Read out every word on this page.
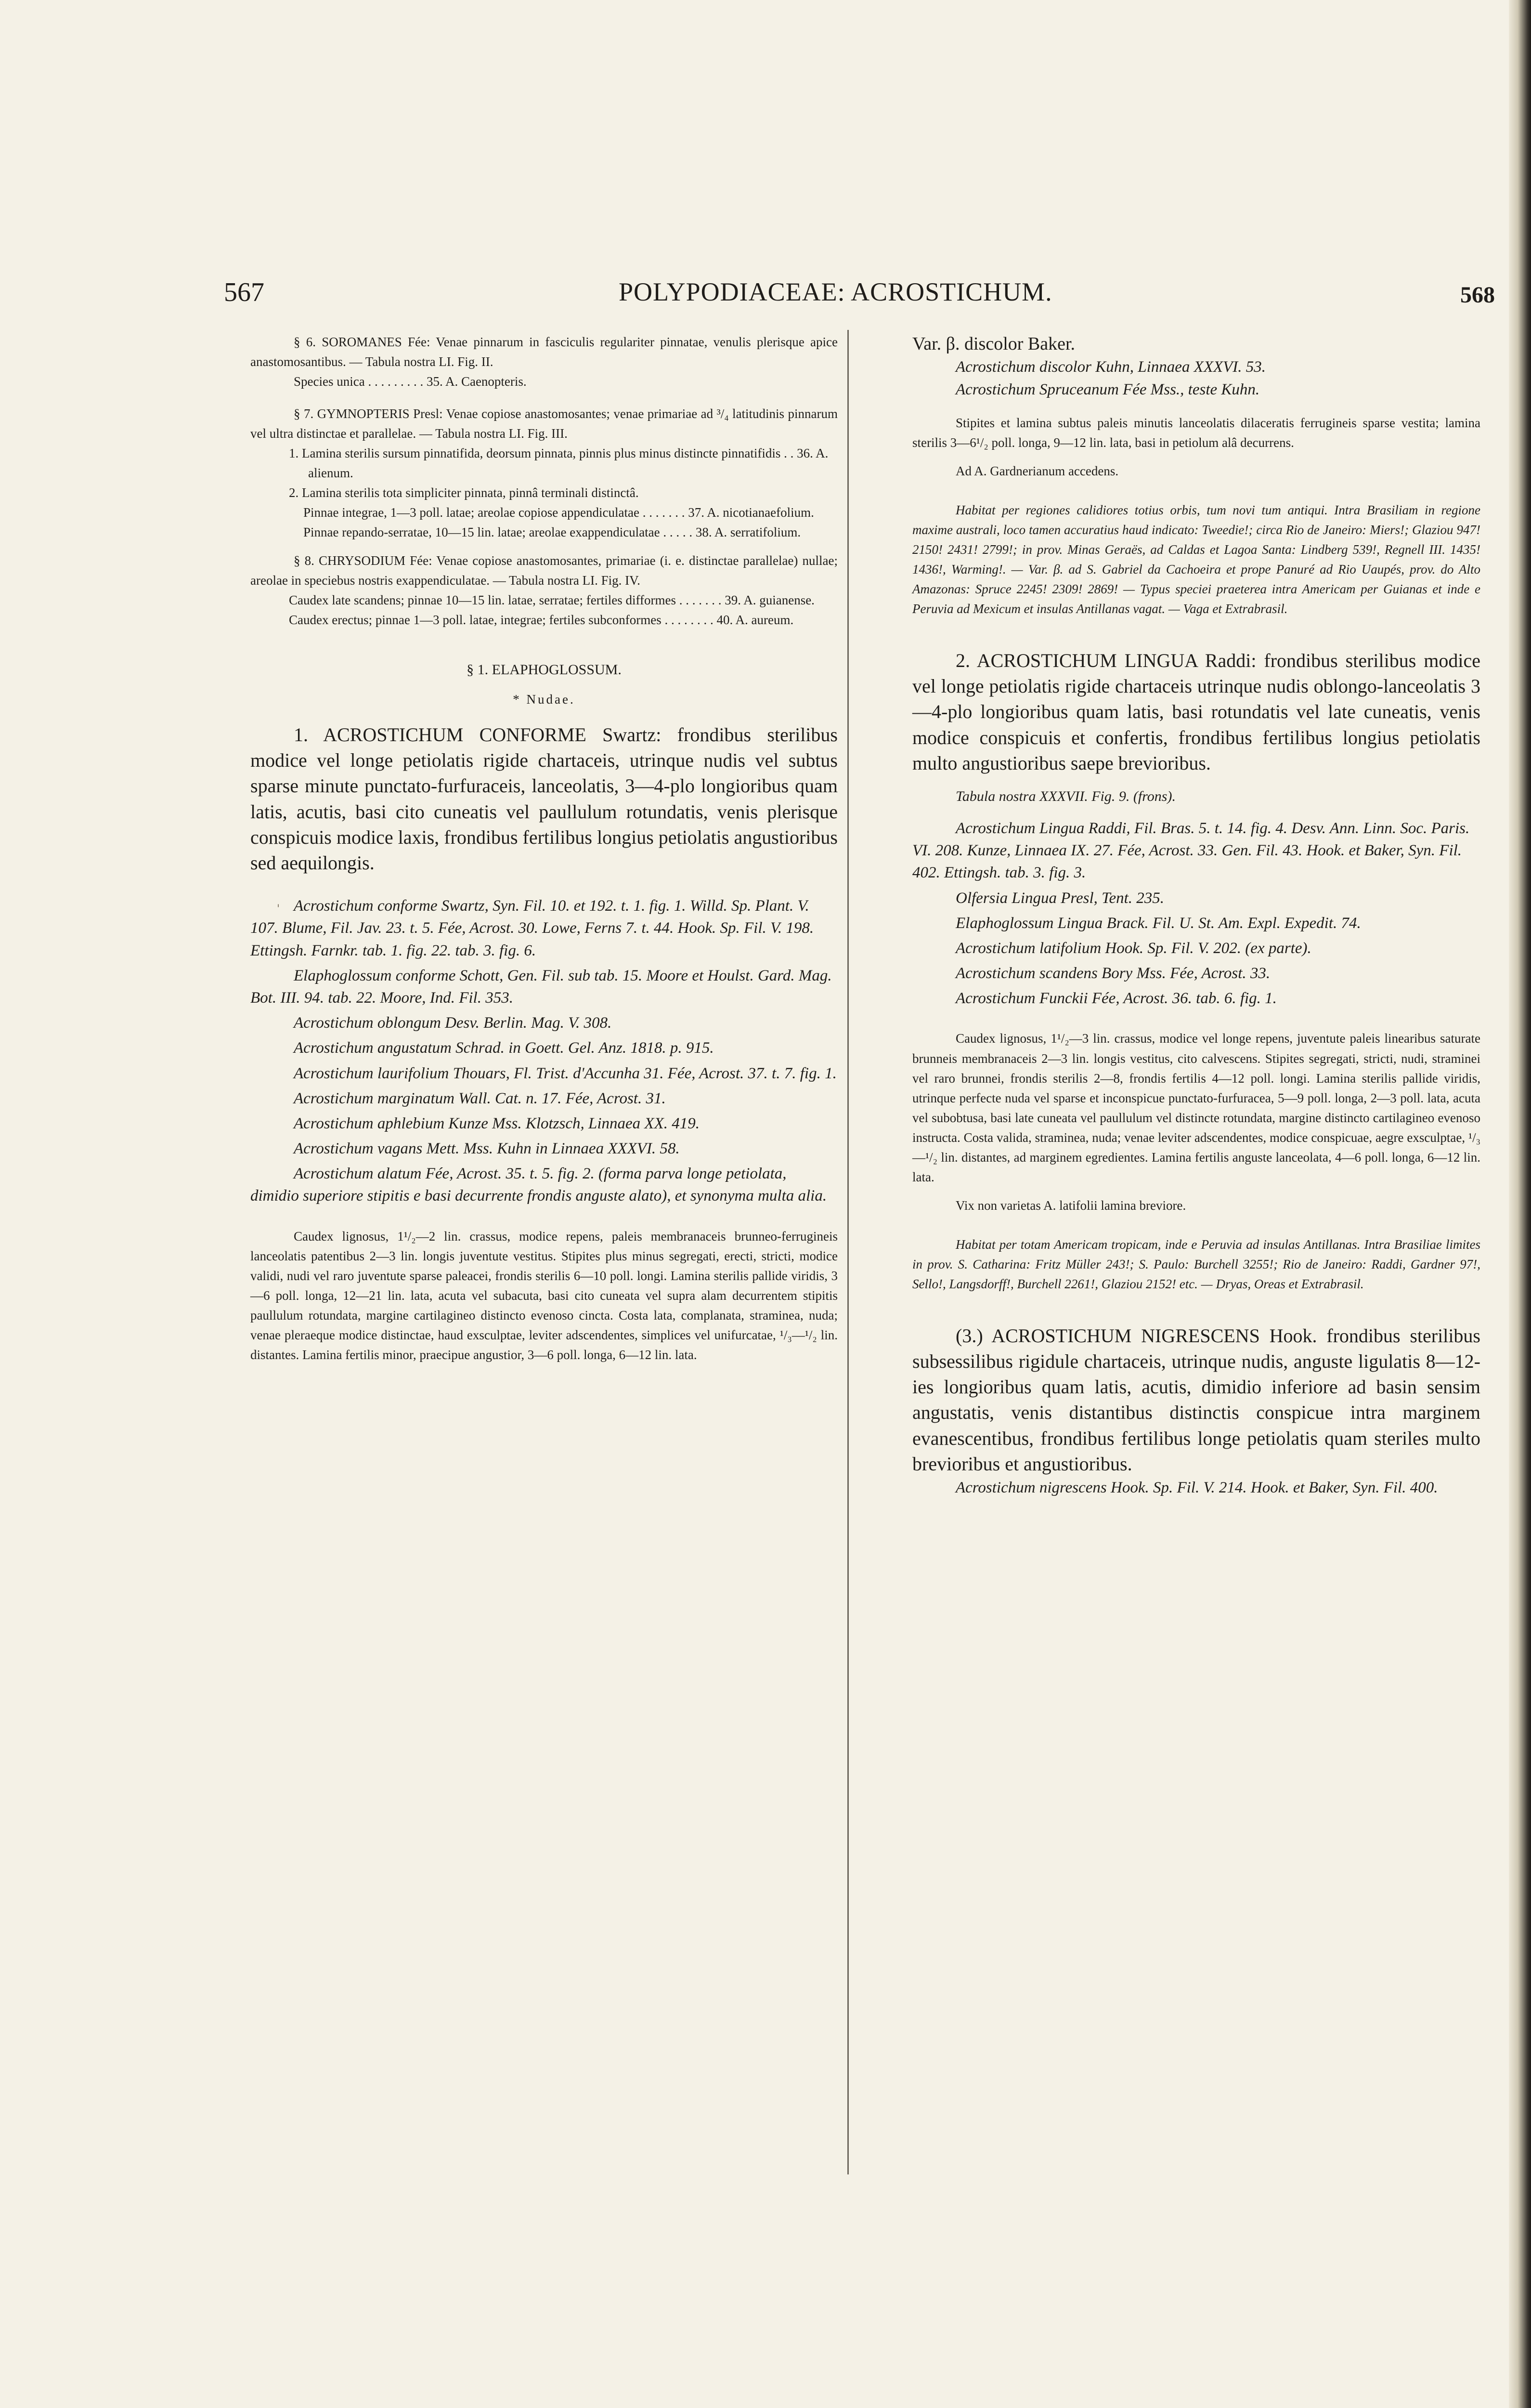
567	POLYPODIACEAE: ACROSTICHUM.	568
'

§ 6. SOROMANES Fée: Venae pinnarum in fasciculis regulariter pinnatae, venulis plerisque apice anastomosantibus. — Tabula nostra LI. Fig. II.

Species unica . . . . . . . . . 35. A. Caenopteris.

§ 7. GYMNOPTERIS Presl: Venae copiose anastomosantes; venae primariae ad ³/₄ latitudinis pinnarum vel ultra distinctae et parallelae. — Tabula nostra LI. Fig. III.

1. Lamina sterilis sursum pinnatifida, deorsum pinnata, pinnis plus minus distincte pinnatifidis . . 36. A. alienum.

2. Lamina sterilis tota simpliciter pinnata, pinnâ terminali distinctâ.

Pinnae integrae, 1—3 poll. latae; areolae copiose appendiculatae . . . . . . . 37. A. nicotianaefolium.

Pinnae repando-serratae, 10—15 lin. latae; areolae exappendiculatae . . . . . 38. A. serratifolium.

§ 8. CHRYSODIUM Fée: Venae copiose anastomosantes, primariae (i. e. distinctae parallelae) nullae; areolae in speciebus nostris exappendiculatae. — Tabula nostra LI. Fig. IV.

Caudex late scandens; pinnae 10—15 lin. latae, serratae; fertiles difformes . . . . . . . 39. A. guianense.

Caudex erectus; pinnae 1—3 poll. latae, integrae; fertiles subconformes . . . . . . . . 40. A. aureum.

§ 1. ELAPHOGLOSSUM.

* Nudae.

1. ACROSTICHUM CONFORME Swartz: frondibus sterilibus modice vel longe petiolatis rigide chartaceis, utrinque nudis vel subtus sparse minute punctato-furfuraceis, lanceolatis, 3—4-plo longioribus quam latis, acutis, basi cito cuneatis vel paullulum rotundatis, venis plerisque conspicuis modice laxis, frondibus fertilibus longius petiolatis angustioribus sed aequilongis.

Acrostichum conforme Swartz, Syn. Fil. 10. et 192. t. 1. fig. 1. Willd. Sp. Plant. V. 107. Blume, Fil. Jav. 23. t. 5. Fée, Acrost. 30. Lowe, Ferns 7. t. 44. Hook. Sp. Fil. V. 198. Ettingsh. Farnkr. tab. 1. fig. 22. tab. 3. fig. 6.

Elaphoglossum conforme Schott, Gen. Fil. sub tab. 15. Moore et Houlst. Gard. Mag. Bot. III. 94. tab. 22. Moore, Ind. Fil. 353.

Acrostichum oblongum Desv. Berlin. Mag. V. 308.

Acrostichum angustatum Schrad. in Goett. Gel. Anz. 1818. p. 915.

Acrostichum laurifolium Thouars, Fl. Trist. d'Accunha 31. Fée, Acrost. 37. t. 7. fig. 1.

Acrostichum marginatum Wall. Cat. n. 17. Fée, Acrost. 31.

Acrostichum aphlebium Kunze Mss. Klotzsch, Linnaea XX. 419.

Acrostichum vagans Mett. Mss. Kuhn in Linnaea XXXVI. 58.

Acrostichum alatum Fée, Acrost. 35. t. 5. fig. 2. (forma parva longe petiolata, dimidio superiore stipitis e basi decurrente frondis anguste alato), et synonyma multa alia.

Caudex lignosus, 1¹/₂—2 lin. crassus, modice repens, paleis membranaceis brunneo-ferrugineis lanceolatis patentibus 2—3 lin. longis juventute vestitus. Stipites plus minus segregati, erecti, stricti, modice validi, nudi vel raro juventute sparse paleacei, frondis sterilis 6—10 poll. longi. Lamina sterilis pallide viridis, 3—6 poll. longa, 12—21 lin. lata, acuta vel subacuta, basi cito cuneata vel supra alam decurrentem stipitis paullulum rotundata, margine cartilagineo distincto evenoso cincta. Costa lata, complanata, straminea, nuda; venae pleraeque modice distinctae, haud exsculptae, leviter adscendentes, simplices vel unifurcatae, ¹/₃—¹/₂ lin. distantes. Lamina fertilis minor, praecipue angustior, 3—6 poll. longa, 6—12 lin. lata.

Var. β. discolor Baker.

Acrostichum discolor Kuhn, Linnaea XXXVI. 53.

Acrostichum Spruceanum Fée Mss., teste Kuhn.

Stipites et lamina subtus paleis minutis lanceolatis dilaceratis ferrugineis sparse vestita; lamina sterilis 3—6¹/₂ poll. longa, 9—12 lin. lata, basi in petiolum alâ decurrens.

Ad A. Gardnerianum accedens.

Habitat per regiones calidiores totius orbis, tum novi tum antiqui. Intra Brasiliam in regione maxime australi, loco tamen accuratius haud indicato: Tweedie!; circa Rio de Janeiro: Miers!; Glaziou 947! 2150! 2431! 2799!; in prov. Minas Geraës, ad Caldas et Lagoa Santa: Lindberg 539!, Regnell III. 1435! 1436!, Warming!. — Var. β. ad S. Gabriel da Cachoeira et prope Panuré ad Rio Uaupés, prov. do Alto Amazonas: Spruce 2245! 2309! 2869! — Typus speciei praeterea intra Americam per Guianas et inde e Peruvia ad Mexicum et insulas Antillanas vagat. — Vaga et Extrabrasil.

2. ACROSTICHUM LINGUA Raddi: frondibus sterilibus modice vel longe petiolatis rigide chartaceis utrinque nudis oblongo-lanceolatis 3—4-plo longioribus quam latis, basi rotundatis vel late cuneatis, venis modice conspicuis et confertis, frondibus fertilibus longius petiolatis multo angustioribus saepe brevioribus.

Tabula nostra XXXVII. Fig. 9. (frons).

Acrostichum Lingua Raddi, Fil. Bras. 5. t. 14. fig. 4. Desv. Ann. Linn. Soc. Paris. VI. 208. Kunze, Linnaea IX. 27. Fée, Acrost. 33. Gen. Fil. 43. Hook. et Baker, Syn. Fil. 402. Ettingsh. tab. 3. fig. 3.

Olfersia Lingua Presl, Tent. 235.

Elaphoglossum Lingua Brack. Fil. U. St. Am. Expl. Expedit. 74.

Acrostichum latifolium Hook. Sp. Fil. V. 202. (ex parte).

Acrostichum scandens Bory Mss. Fée, Acrost. 33.

Acrostichum Funckii Fée, Acrost. 36. tab. 6. fig. 1.

Caudex lignosus, 1¹/₂—3 lin. crassus, modice vel longe repens, juventute paleis linearibus saturate brunneis membranaceis 2—3 lin. longis vestitus, cito calvescens. Stipites segregati, stricti, nudi, straminei vel raro brunnei, frondis sterilis 2—8, frondis fertilis 4—12 poll. longi. Lamina sterilis pallide viridis, utrinque perfecte nuda vel sparse et inconspicue punctato-furfuracea, 5—9 poll. longa, 2—3 poll. lata, acuta vel subobtusa, basi late cuneata vel paullulum vel distincte rotundata, margine distincto cartilagineo evenoso instructa. Costa valida, straminea, nuda; venae leviter adscendentes, modice conspicuae, aegre exsculptae, ¹/₃—¹/₂ lin. distantes, ad marginem egredientes. Lamina fertilis anguste lanceolata, 4—6 poll. longa, 6—12 lin. lata.

Vix non varietas A. latifolii lamina breviore.

Habitat per totam Americam tropicam, inde e Peruvia ad insulas Antillanas. Intra Brasiliae limites in prov. S. Catharina: Fritz Müller 243!; S. Paulo: Burchell 3255!; Rio de Janeiro: Raddi, Gardner 97!, Sello!, Langsdorff!, Burchell 2261!, Glaziou 2152! etc. — Dryas, Oreas et Extrabrasil.

(3.) ACROSTICHUM NIGRESCENS Hook. frondibus sterilibus subsessilibus rigidule chartaceis, utrinque nudis, anguste ligulatis 8—12-ies longioribus quam latis, acutis, dimidio inferiore ad basin sensim angustatis, venis distantibus distinctis conspicue intra marginem evanescentibus, frondibus fertilibus longe petiolatis quam steriles multo brevioribus et angustioribus.

Acrostichum nigrescens Hook. Sp. Fil. V. 214. Hook. et Baker, Syn. Fil. 400.
